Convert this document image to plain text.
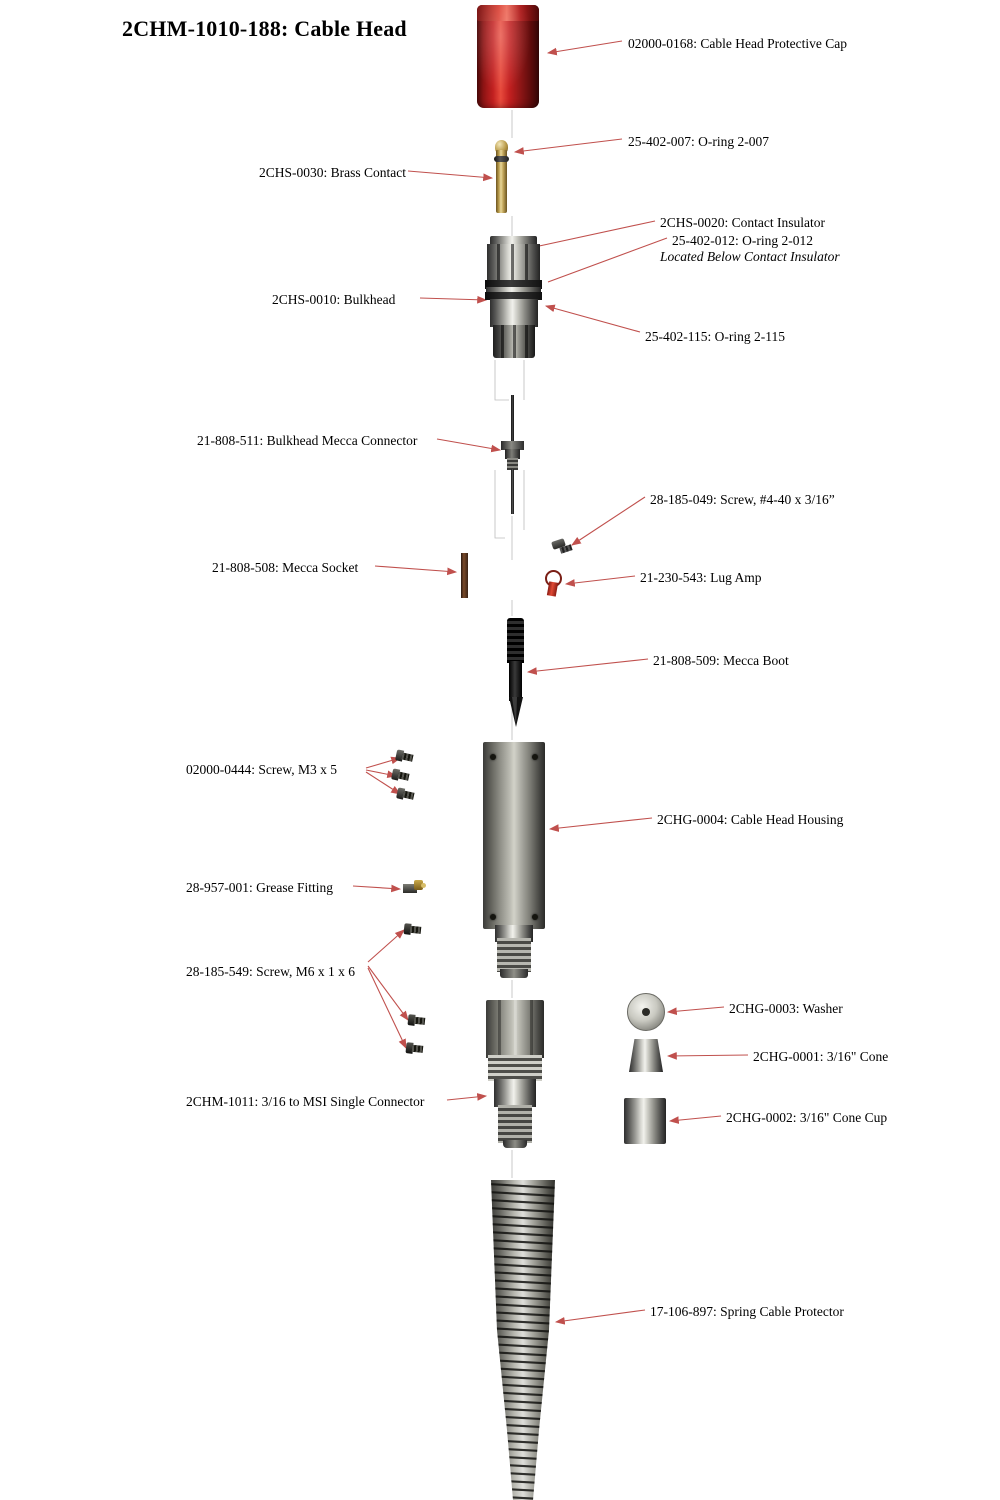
2CHM-1010-188: Cable Head
02000-0168: Cable Head Protective Cap
25-402-007: O-ring 2-007
2CHS-0030: Brass Contact
2CHS-0020: Contact Insulator
25-402-012: O-ring 2-012
Located Below Contact Insulator
2CHS-0010: Bulkhead
25-402-115: O-ring 2-115
21-808-511: Bulkhead Mecca Connector
28-185-049: Screw, #4-40 x 3/16”
21-808-508: Mecca Socket
21-230-543: Lug Amp
21-808-509: Mecca Boot
02000-0444: Screw, M3 x 5
2CHG-0004: Cable Head Housing
28-957-001: Grease Fitting
28-185-549: Screw, M6 x 1 x 6
2CHG-0003: Washer
2CHG-0001: 3/16" Cone
2CHG-0002: 3/16" Cone Cup
2CHM-1011: 3/16 to MSI Single Connector
17-106-897: Spring Cable Protector
